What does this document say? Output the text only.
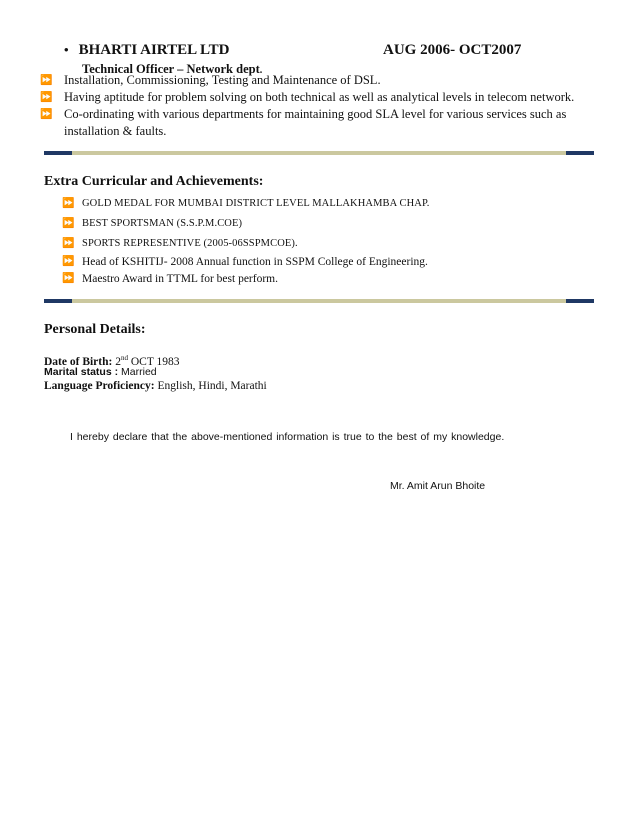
• BHARTI AIRTEL LTD	AUG 2006- OCT2007
Technical Officer – Network dept.
⏩ Installation, Commissioning, Testing and Maintenance of DSL.
⏩ Having aptitude for problem solving on both technical as well as analytical levels in telecom network.
⏩ Co-ordinating with various departments for maintaining good SLA level for various services such as installation & faults.
Extra Curricular and Achievements:
⏩ GOLD MEDAL FOR MUMBAI DISTRICT LEVEL MALLAKHAMBA CHAP.
⏩ BEST SPORTSMAN (S.S.P.M.COE)
⏩ SPORTS REPRESENTIVE (2005-06SSPMCOE).
⏩ Head of KSHITIJ- 2008 Annual function in SSPM College of Engineering.
⏩ Maestro Award in TTML for best perform.
Personal Details:
Date of Birth: 2nd OCT 1983
Marital status : Married
Language Proficiency: English, Hindi, Marathi
I hereby declare that the above-mentioned information is true to the best of my knowledge.
Mr. Amit Arun Bhoite
